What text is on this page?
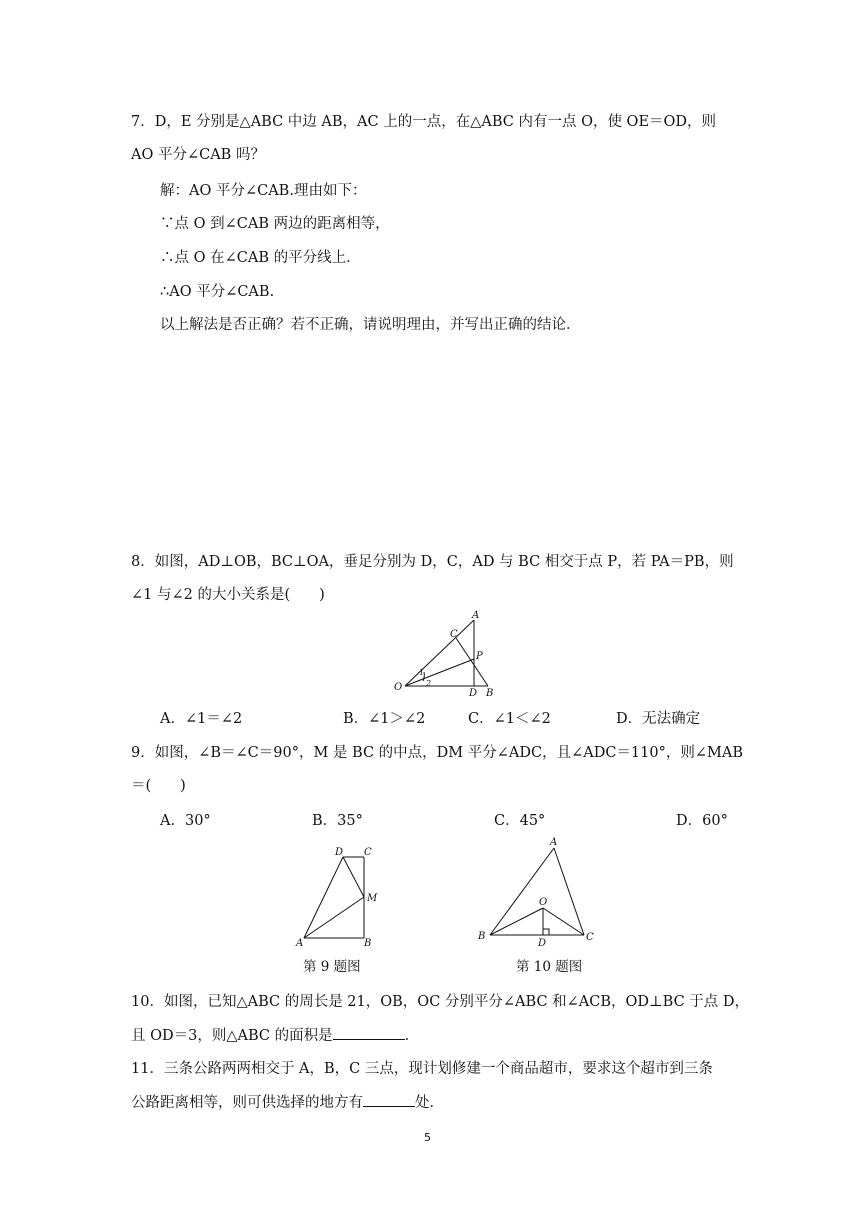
7．D，E 分别是△ABC 中边 AB，AC 上的一点，在△ABC 内有一点 O，使 OE＝OD，则
AO 平分∠CAB 吗？
解：AO 平分∠CAB.理由如下：
∵点 O 到∠CAB 两边的距离相等，
∴点 O 在∠CAB 的平分线上．
∴AO 平分∠CAB.
以上解法是否正确？若不正确，请说明理由，并写出正确的结论．
8．如图，AD⊥OB，BC⊥OA，垂足分别为 D，C，AD 与 BC 相交于点 P，若 PA＝PB，则
∠1 与∠2 的大小关系是(　　)
A
C
P
O
D B
1
2
A．∠1＝∠2	B．∠1＞∠2	C．∠1＜∠2	D．无法确定
9．如图，∠B＝∠C＝90°，M 是 BC 的中点，DM 平分∠ADC，且∠ADC＝110°，则∠MAB
＝(　　)
A．30°	B．35°	C．45°	D．60°
D C
M
A	B
第 9 题图
A
O
B
D
C
第 10 题图
10．如图，已知△ABC 的周长是 21，OB，OC 分别平分∠ABC 和∠ACB，OD⊥BC 于点 D，
且 OD＝3，则△ABC 的面积是	．
11．三条公路两两相交于 A，B，C 三点，现计划修建一个商品超市，要求这个超市到三条
公路距离相等，则可供选择的地方有	处．
5
